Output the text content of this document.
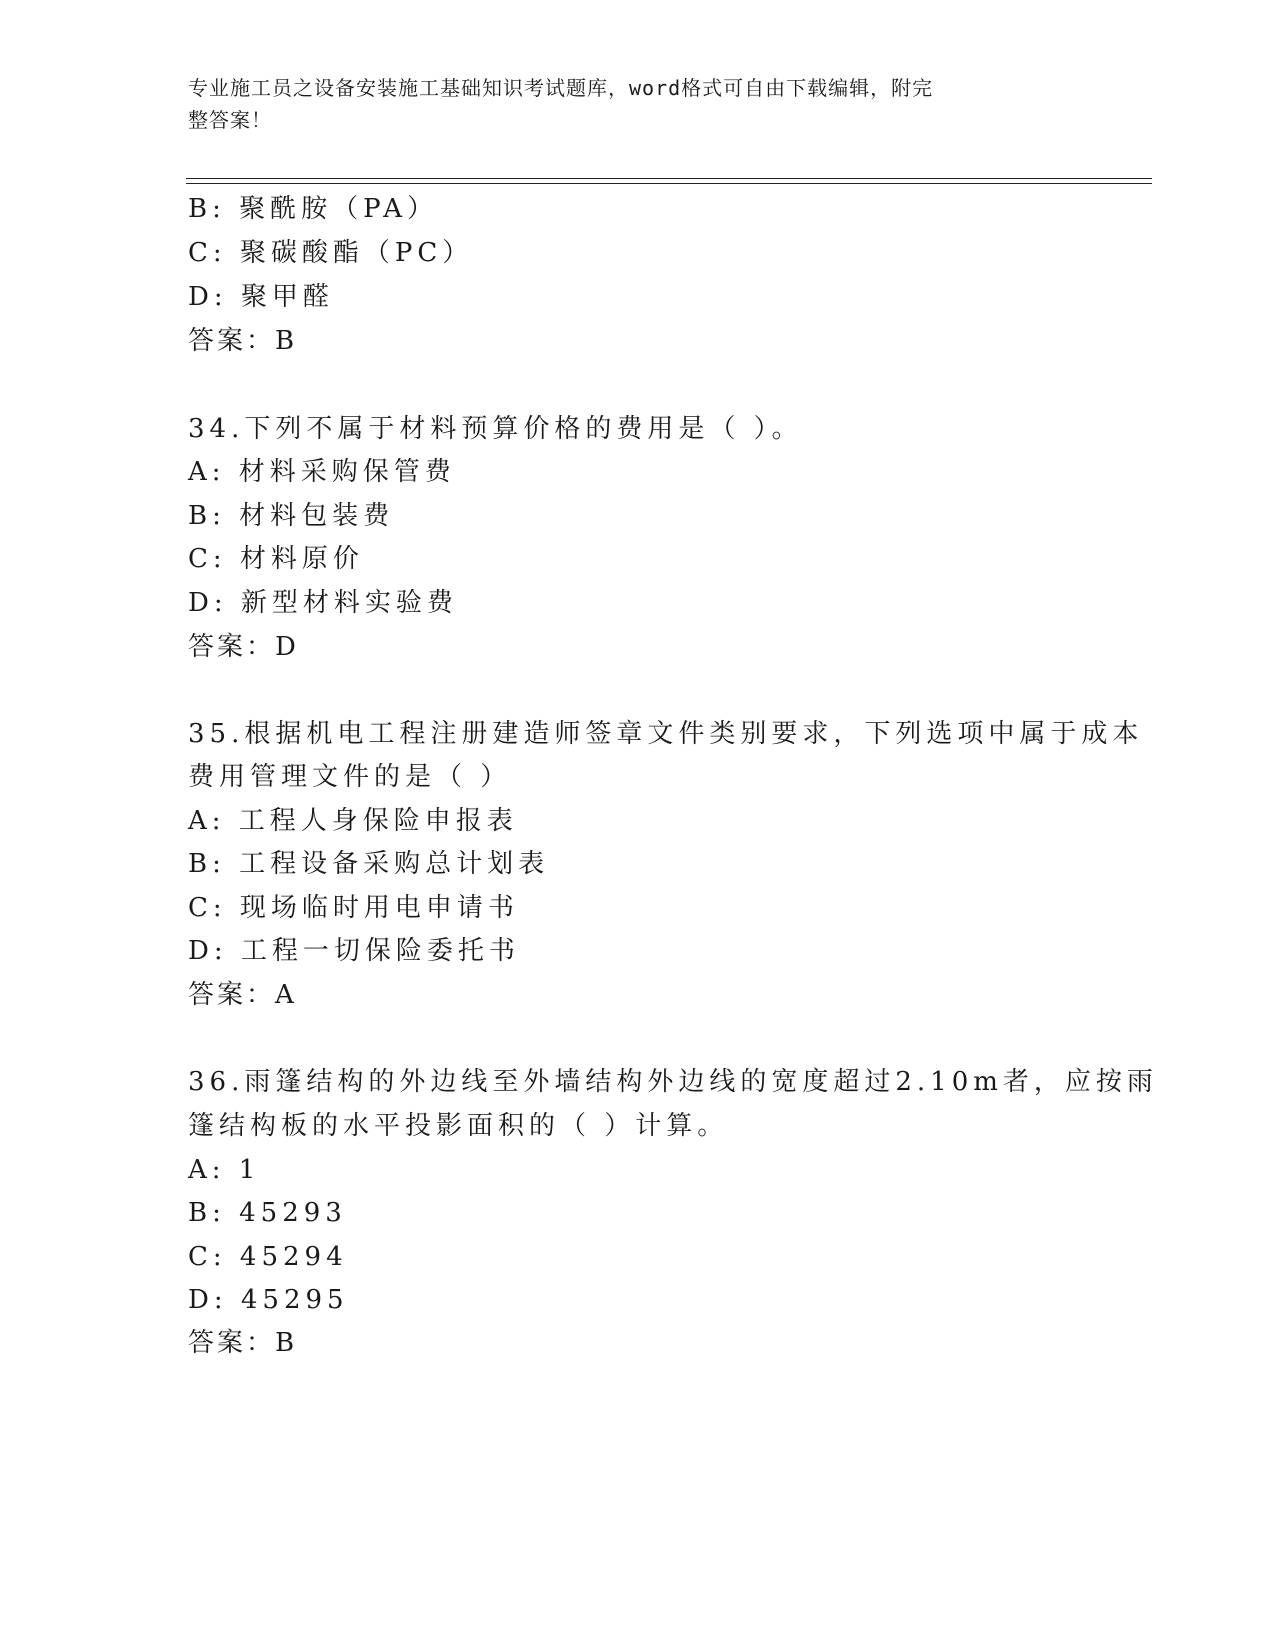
专业施工员之设备安装施工基础知识考试题库，word格式可自由下载编辑，附完
整答案！
B: 聚酰胺（PA）
C: 聚碳酸酯（PC）
D: 聚甲醛
答案：B
34.下列不属于材料预算价格的费用是（ ）。
A: 材料采购保管费
B: 材料包装费
C: 材料原价
D: 新型材料实验费
答案：D
35.根据机电工程注册建造师签章文件类别要求，下列选项中属于成本
费用管理文件的是（ ）
A: 工程人身保险申报表
B: 工程设备采购总计划表
C: 现场临时用电申请书
D: 工程一切保险委托书
答案：A
36.雨篷结构的外边线至外墙结构外边线的宽度超过2.10m者，应按雨
篷结构板的水平投影面积的（ ）计算。
A: 1
B: 45293
C: 45294
D: 45295
答案：B
